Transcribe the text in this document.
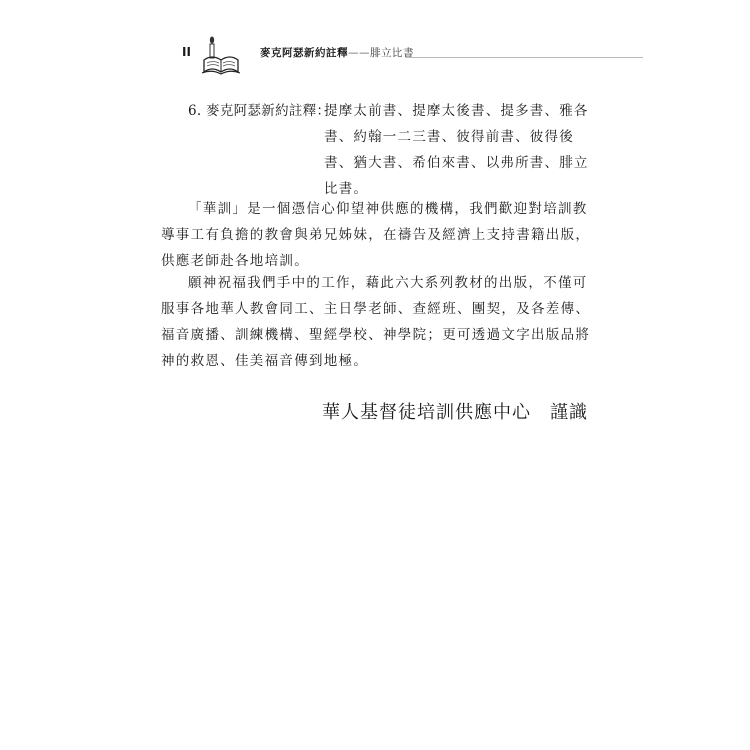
II	麥克阿瑟新約註釋——腓立比書
6. 麥克阿瑟新約註釋：
提摩太前書、提摩太後書、提多書、雅各書、約翰一二三書、彼得前書、彼得後書、猶大書、希伯來書、以弗所書、腓立比書。

「華訓」是一個憑信心仰望神供應的機構，我們歡迎對培訓教導事工有負擔的教會與弟兄姊妹，在禱告及經濟上支持書籍出版，供應老師赴各地培訓。

願神祝福我們手中的工作，藉此六大系列教材的出版，不僅可服事各地華人教會同工、主日學老師、查經班、團契，及各差傳、福音廣播、訓練機構、聖經學校、神學院；更可透過文字出版品將神的救恩、佳美福音傳到地極。

華人基督徒培訓供應中心　謹識
